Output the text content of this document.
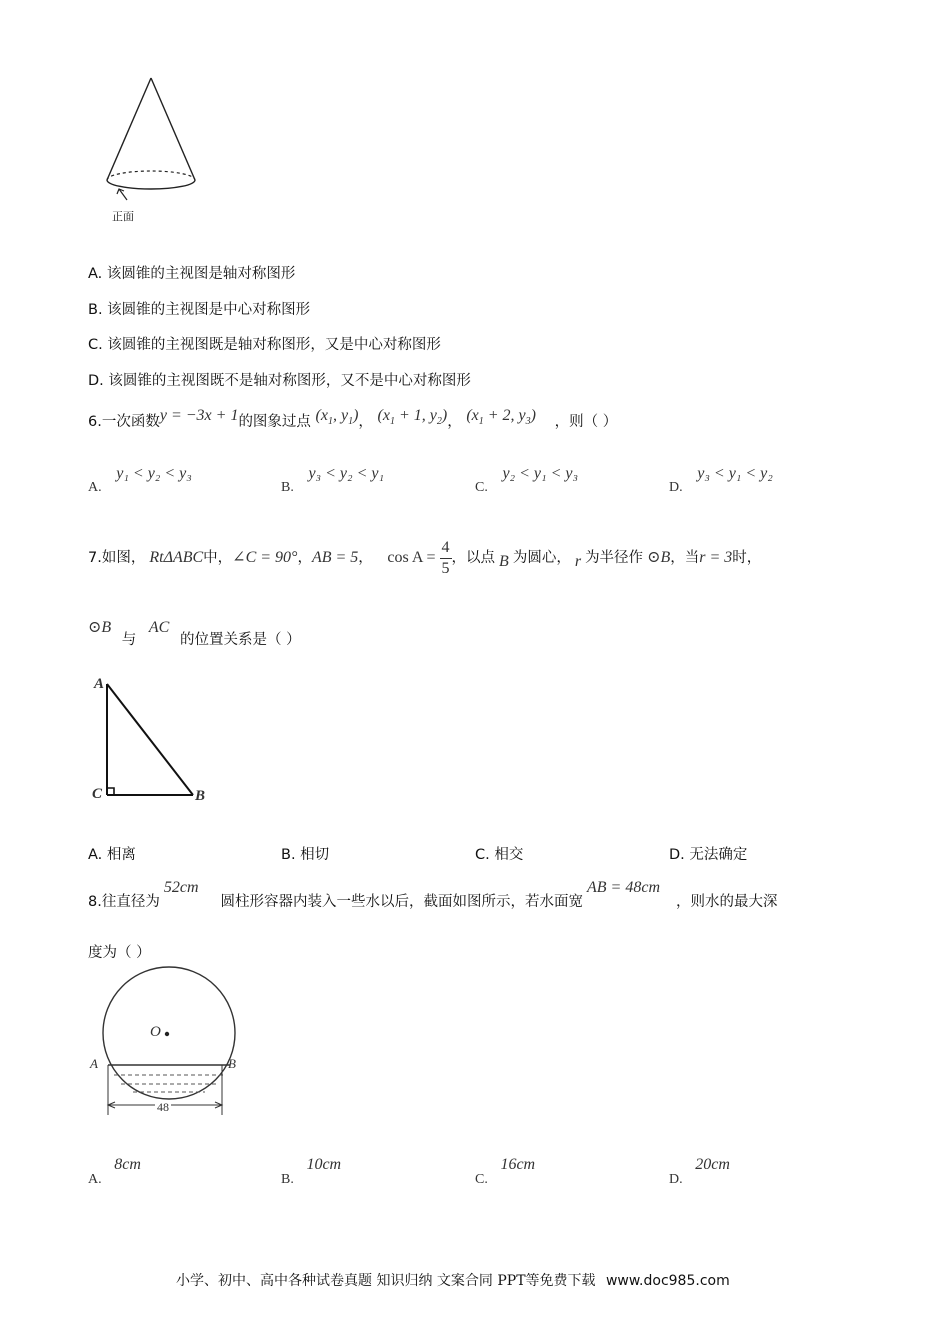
正面
A. 该圆锥的主视图是轴对称图形
B. 该圆锥的主视图是中心对称图形
C. 该圆锥的主视图既是轴对称图形，又是中心对称图形
D. 该圆锥的主视图既不是轴对称图形，又不是中心对称图形
6.一次函数y = −3x + 1的图象过点 ($x_1$, $y_1$)， ($x_1 + 1$, $y_2$)， ($x_1 + 2$, $y_3$) ，则（ ）
A. y₁ < y₂ < y₃
B. y₃ < y₂ < y₁
C. y₂ < y₁ < y₃
D. y₃ < y₁ < y₂
7.如图， RtΔABC中，∠C = 90°，AB = 5， $\cos A = \frac{4}{5}$ ，以点 B 为圆心， r 为半径作 ⊙B，当r = 3时，
⊙B 与 AC 的位置关系是（ ）
A
C	B
A. 相离	B. 相切	C. 相交	D. 无法确定
8.往直径为52cm圆柱形容器内装入一些水以后，截面如图所示，若水面宽AB = 48cm，则水的最大深
度为（ ）
O
A	B
48
A. 8cm
B. 10cm
C. 16cm
D. 20cm
小学、初中、高中各种试卷真题 知识归纳 文案合同 PPT等免费下载 www.doc985.com
